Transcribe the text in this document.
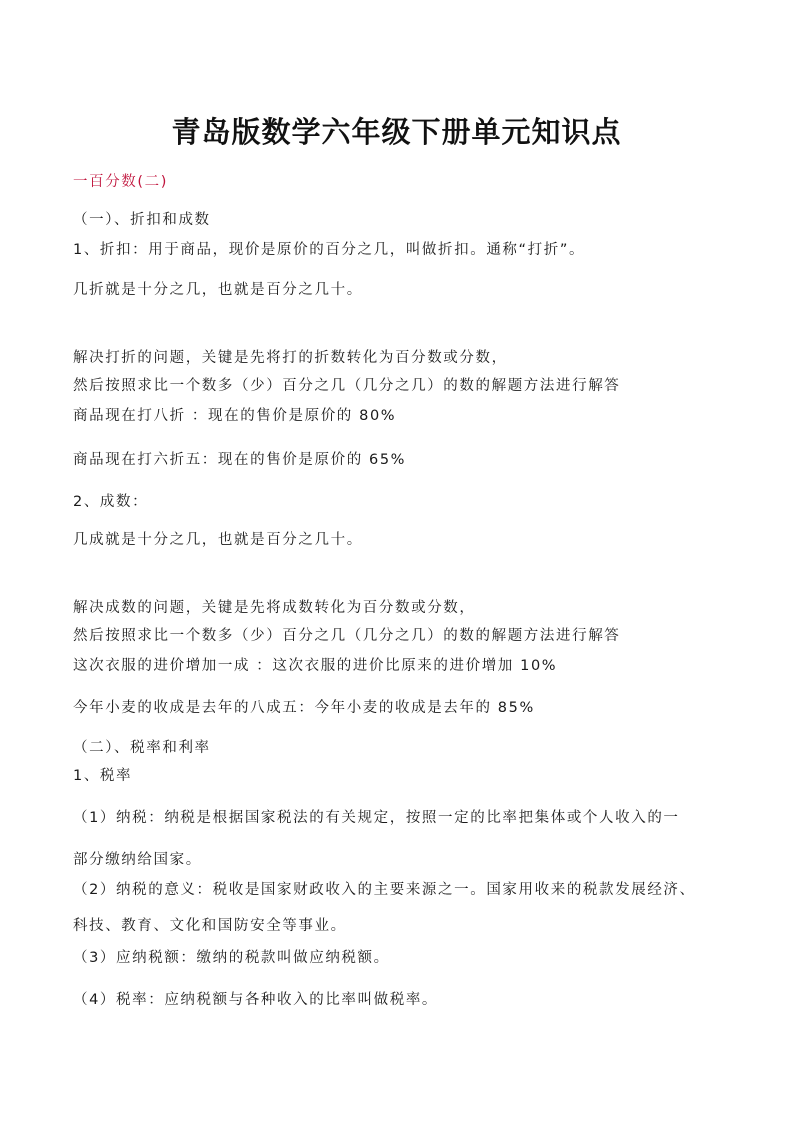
青岛版数学六年级下册单元知识点

一百分数(二)

（一）、折扣和成数

1、折扣：用于商品，现价是原价的百分之几，叫做折扣。通称“打折”。

几折就是十分之几，也就是百分之几十。

解决打折的问题，关键是先将打的折数转化为百分数或分数，

然后按照求比一个数多（少）百分之几（几分之几）的数的解题方法进行解答

商品现在打八折 ：现在的售价是原价的 80%

商品现在打六折五：现在的售价是原价的 65%

2、成数：

几成就是十分之几，也就是百分之几十。

解决成数的问题，关键是先将成数转化为百分数或分数，

然后按照求比一个数多（少）百分之几（几分之几）的数的解题方法进行解答

这次衣服的进价增加一成 ：这次衣服的进价比原来的进价增加 10%

今年小麦的收成是去年的八成五：今年小麦的收成是去年的 85%

（二）、税率和利率

1、税率

（1）纳税：纳税是根据国家税法的有关规定，按照一定的比率把集体或个人收入的一

部分缴纳给国家。

（2）纳税的意义：税收是国家财政收入的主要来源之一。国家用收来的税款发展经济、

科技、教育、文化和国防安全等事业。

（3）应纳税额：缴纳的税款叫做应纳税额。

（4）税率：应纳税额与各种收入的比率叫做税率。
